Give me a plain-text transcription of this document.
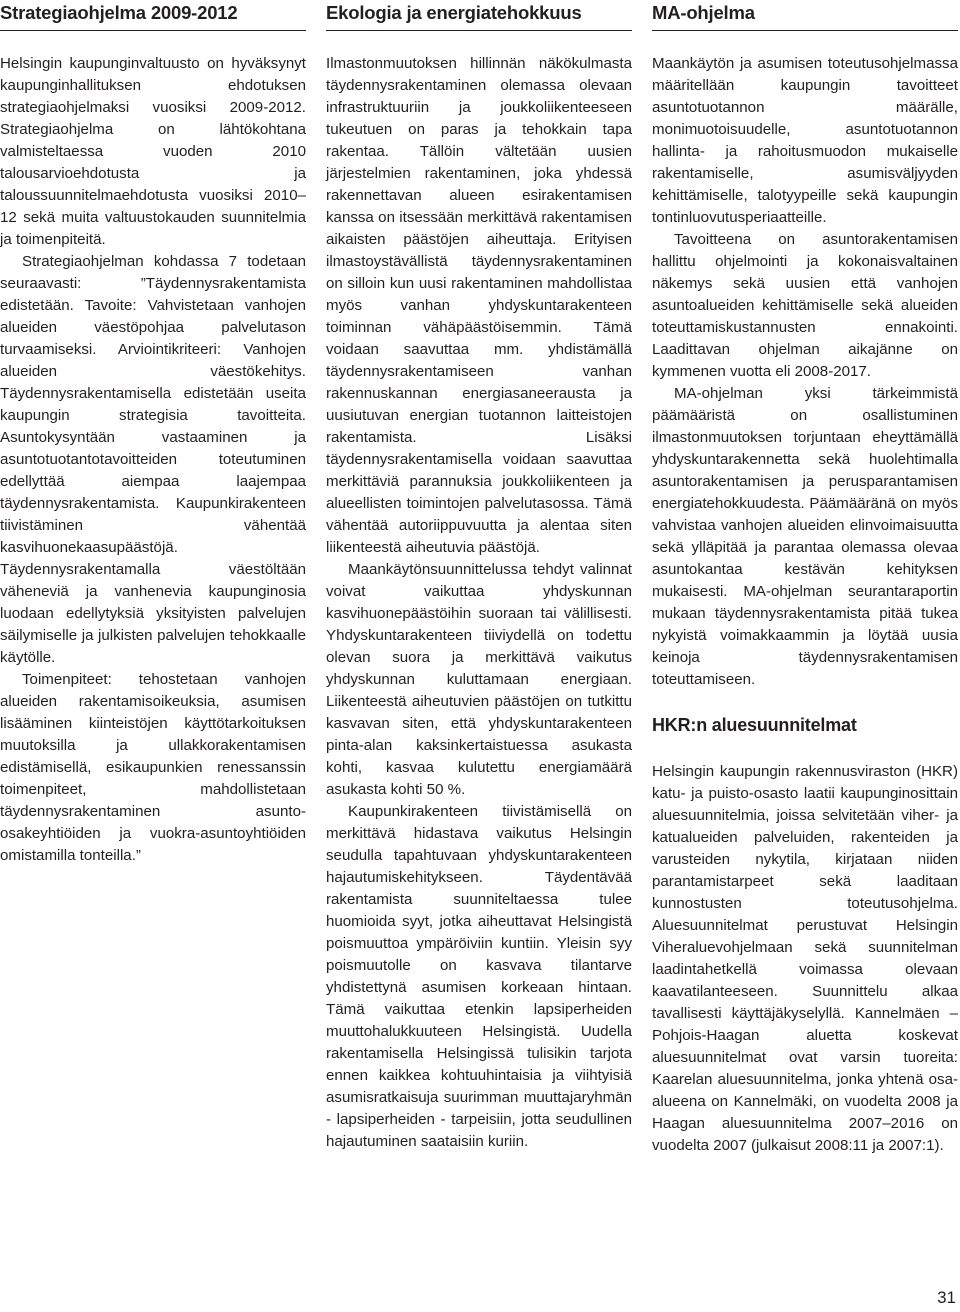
Strategiaohjelma 2009-2012

Helsingin kaupunginvaltuusto on hyväksynyt kaupunginhallituksen ehdotuksen strategiaohjelmaksi vuosiksi 2009-2012. Strategiaohjelma on lähtökohtana valmisteltaessa vuoden 2010 talousarvioehdotusta ja taloussuunnitelmaehdotusta vuosiksi 2010–12 sekä muita valtuustokauden suunnitelmia ja toimenpiteitä.

Strategiaohjelman kohdassa 7 todetaan seuraavasti: ”Täydennysrakentamista edistetään. Tavoite: Vahvistetaan vanhojen alueiden väestöpohjaa palvelutason turvaamiseksi. Arviointikriteeri: Vanhojen alueiden väestökehitys. Täydennysrakentamisella edistetään useita kaupungin strategisia tavoitteita. Asuntokysyntään vastaaminen ja asuntotuotantotavoitteiden toteutuminen edellyttää aiempaa laajempaa täydennysrakentamista. Kaupunkirakenteen tiivistäminen vähentää kasvihuonekaasupäästöjä. Täydennysrakentamalla väestöltään väheneviä ja vanhenevia kaupunginosia luodaan edellytyksiä yksityisten palvelujen säilymiselle ja julkisten palvelujen tehokkaalle käytölle.

Toimenpiteet: tehostetaan vanhojen alueiden rakentamisoikeuksia, asumisen lisääminen kiinteistöjen käyttötarkoituksen muutoksilla ja ullakkorakentamisen edistämisellä, esikaupunkien renessanssin toimenpiteet, mahdollistetaan täydennysrakentaminen asunto-osakeyhtiöiden ja vuokra-asuntoyhtiöiden omistamilla tonteilla.”

Ekologia ja energiatehokkuus

Ilmastonmuutoksen hillinnän näkökulmasta täydennysrakentaminen olemassa olevaan infrastruktuuriin ja joukkoliikenteeseen tukeutuen on paras ja tehokkain tapa rakentaa. Tällöin vältetään uusien järjestelmien rakentaminen, joka yhdessä rakennettavan alueen esirakentamisen kanssa on itsessään merkittävä rakentamisen aikaisten päästöjen aiheuttaja. Erityisen ilmastoystävällistä täydennysrakentaminen on silloin kun uusi rakentaminen mahdollistaa myös vanhan yhdyskuntarakenteen toiminnan vähäpäästöisemmin. Tämä voidaan saavuttaa mm. yhdistämällä täydennysrakentamiseen vanhan rakennuskannan energiasaneerausta ja uusiutuvan energian tuotannon laitteistojen rakentamista. Lisäksi täydennysrakentamisella voidaan saavuttaa merkittäviä parannuksia joukkoliikenteen ja alueellisten toimintojen palvelutasossa. Tämä vähentää autoriippuvuutta ja alentaa siten liikenteestä aiheutuvia päästöjä.

Maankäytönsuunnittelussa tehdyt valinnat voivat vaikuttaa yhdyskunnan kasvihuonepäästöihin suoraan tai välillisesti. Yhdyskuntarakenteen tiiviydellä on todettu olevan suora ja merkittävä vaikutus yhdyskunnan kuluttamaan energiaan. Liikenteestä aiheutuvien päästöjen on tutkittu kasvavan siten, että yhdyskuntarakenteen pinta-alan kaksinkertaistuessa asukasta kohti, kasvaa kulutettu energiamäärä asukasta kohti 50 %.

Kaupunkirakenteen tiivistämisellä on merkittävä hidastava vaikutus Helsingin seudulla tapahtuvaan yhdyskuntarakenteen hajautumiskehitykseen. Täydentävää rakentamista suunniteltaessa tulee huomioida syyt, jotka aiheuttavat Helsingistä poismuuttoa ympäröiviin kuntiin. Yleisin syy poismuutolle on kasvava tilantarve yhdistettynä asumisen korkeaan hintaan. Tämä vaikuttaa etenkin lapsiperheiden muuttohalukkuuteen Helsingistä. Uudella rakentamisella Helsingissä tulisikin tarjota ennen kaikkea kohtuuhintaisia ja viihtyisiä asumisratkaisuja suurimman muuttajaryhmän - lapsiperheiden - tarpeisiin, jotta seudullinen hajautuminen saataisiin kuriin.

MA-ohjelma

Maankäytön ja asumisen toteutusohjelmassa määritellään kaupungin tavoitteet asuntotuotannon määrälle, monimuotoisuudelle, asuntotuotannon hallinta- ja rahoitusmuodon mukaiselle rakentamiselle, asumisväljyyden kehittämiselle, talotyypeille sekä kaupungin tontinluovutusperiaatteille.

Tavoitteena on asuntorakentamisen hallittu ohjelmointi ja kokonaisvaltainen näkemys sekä uusien että vanhojen asuntoalueiden kehittämiselle sekä alueiden toteuttamiskustannusten ennakointi. Laadittavan ohjelman aikajänne on kymmenen vuotta eli 2008-2017.

MA-ohjelman yksi tärkeimmistä päämääristä on osallistuminen ilmastonmuutoksen torjuntaan eheyttämällä yhdyskuntarakennetta sekä huolehtimalla asuntorakentamisen ja perusparantamisen energiatehokkuudesta. Päämääränä on myös vahvistaa vanhojen alueiden elinvoimaisuutta sekä ylläpitää ja parantaa olemassa olevaa asuntokantaa kestävän kehityksen mukaisesti. MA-ohjelman seurantaraportin mukaan täydennysrakentamista pitää tukea nykyistä voimakkaammin ja löytää uusia keinoja täydennysrakentamisen toteuttamiseen.

HKR:n aluesuunnitelmat

Helsingin kaupungin rakennusviraston (HKR) katu- ja puisto-osasto laatii kaupunginosittain aluesuunnitelmia, joissa selvitetään viher- ja katualueiden palveluiden, rakenteiden ja varusteiden nykytila, kirjataan niiden parantamistarpeet sekä laaditaan kunnostusten toteutusohjelma. Aluesuunnitelmat perustuvat Helsingin Viheraluevohjelmaan sekä suunnitelman laadintahetkellä voimassa olevaan kaavatilanteeseen. Suunnittelu alkaa tavallisesti käyttäjäkyselyllä. Kannelmäen – Pohjois-Haagan aluetta koskevat aluesuunnitelmat ovat varsin tuoreita: Kaarelan aluesuunnitelma, jonka yhtenä osa-alueena on Kannelmäki, on vuodelta 2008 ja Haagan aluesuunnitelma 2007–2016 on vuodelta 2007 (julkaisut 2008:11 ja 2007:1).

31
